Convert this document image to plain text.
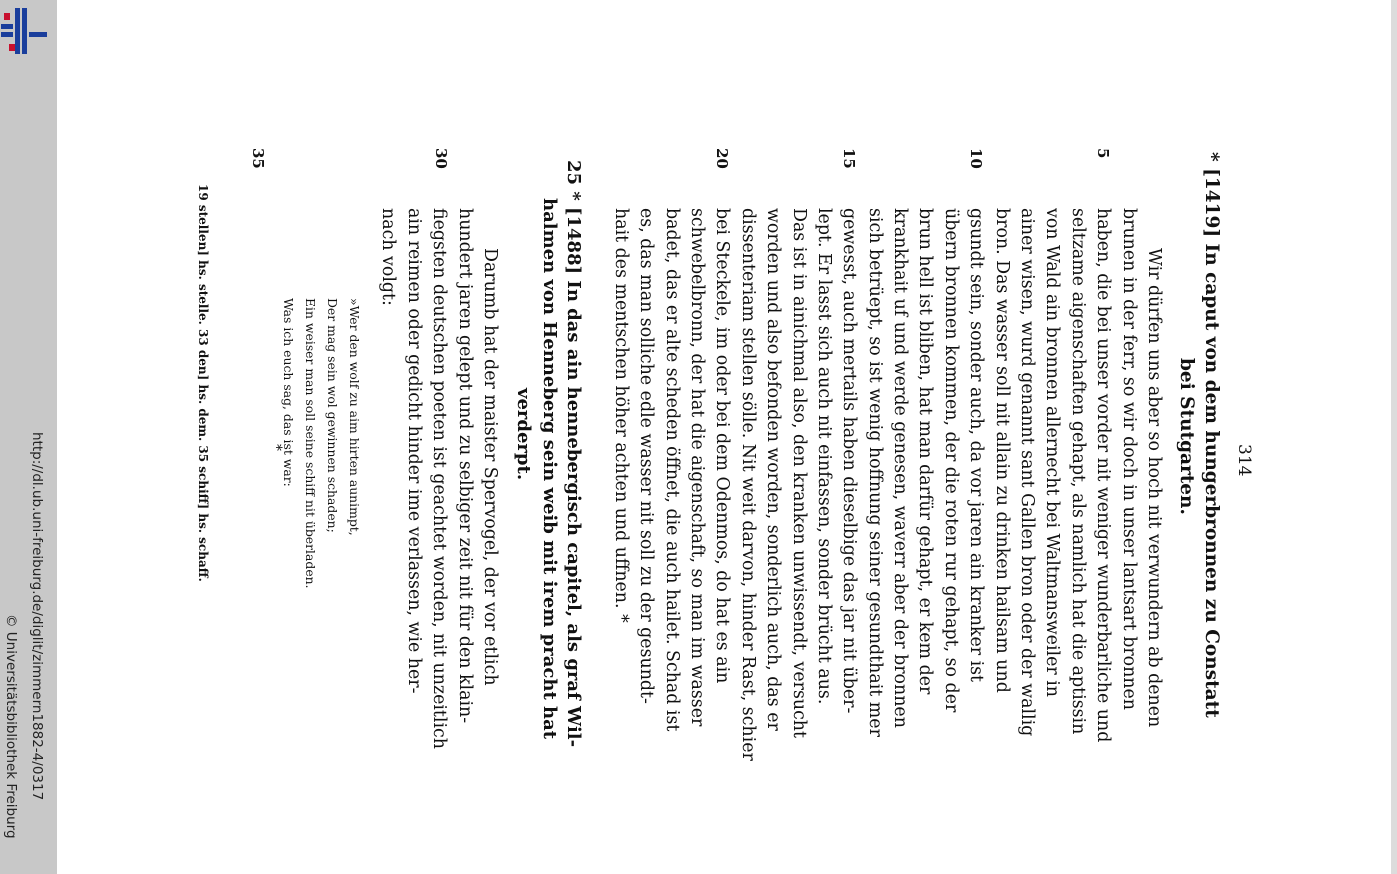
http://dl.ub.uni-freiburg.de/diglit/zimmern1882-4/0317
© Universitätsbibliothek Freiburg
314
* [1419] In caput von dem hungerbronnen zu Constatt
bei Stutgarten.
Wir dürfen uns aber so hoch nit verwundern ab denen
brunen in der ferr, so wir doch in unser lantsart bronnen
haben, die bei unser vorder nit weniger wunderbarliche und
seltzame aigenschaften gehapt, als namlich hat die aptissin
von Wald ain bronnen allernecht bei Waltmansweiler in
ainer wisen, wurd genannt sant Gallen bron oder der wallig
bron. Das wasser soll nit allain zu drinken hailsam und
gsundt sein, sonder auch, da vor jaren ain kranker ist
übern bronnen kommen, der die roten rur gehapt, so der
brun hell ist bliben, hat man darfür gehapt, er kem der
krankhait uf und werde genesen, waverr aber der bronnen
sich betrüept, so ist wenig hoffnung seiner gesundthait mer
gewesst, auch mertails haben dieselbige das jar nit über-
lept. Er lasst sich auch nit einfassen, sonder brücht aus.
Das ist in ainichmal also, den kranken unwissendt, versucht
worden und also befonden worden, sonderlich auch, das er
dissenteriam stellen sölle. Nit weit darvon, hinder Rast, schier
bei Steckele, im oder bei dem Odenmos, do hat es ain
schwebelbronn, der hat die aigenschaft, so man im wasser
badet, das er alte scheden öffnet, die auch hailet. Schad ist
es, das man solliche edle wasser nit soll zu der gesundt-
hait des mentschen höher achten und uffnen. *
5
10
15
20
25 * [1488] In das ain hennebergisch capitel, als graf Wil-
halmen von Henneberg sein weib mit irem pracht hat
verderpt.
Darumb hat der maister Spervogel, der vor etlich
hundert jaren gelept und zu selbiger zeit nit für den klain-
fiegsten deutschen poeten ist geachtet worden, nit unzeitlich
ain reimen oder gedicht hinder ime verlassen, wie her-
nach volgt:
30
35
»Wer den wolf zu aim hirten aunimpt,
Der mag sein wol gewinnen schaden;
Ein weiser man soll seine schiff nit überladen.
Was ich euch sag, das ist war:
*
19 stellen] hs. stelle. 33 den] hs. dem. 35 schiff] hs. schaff.
